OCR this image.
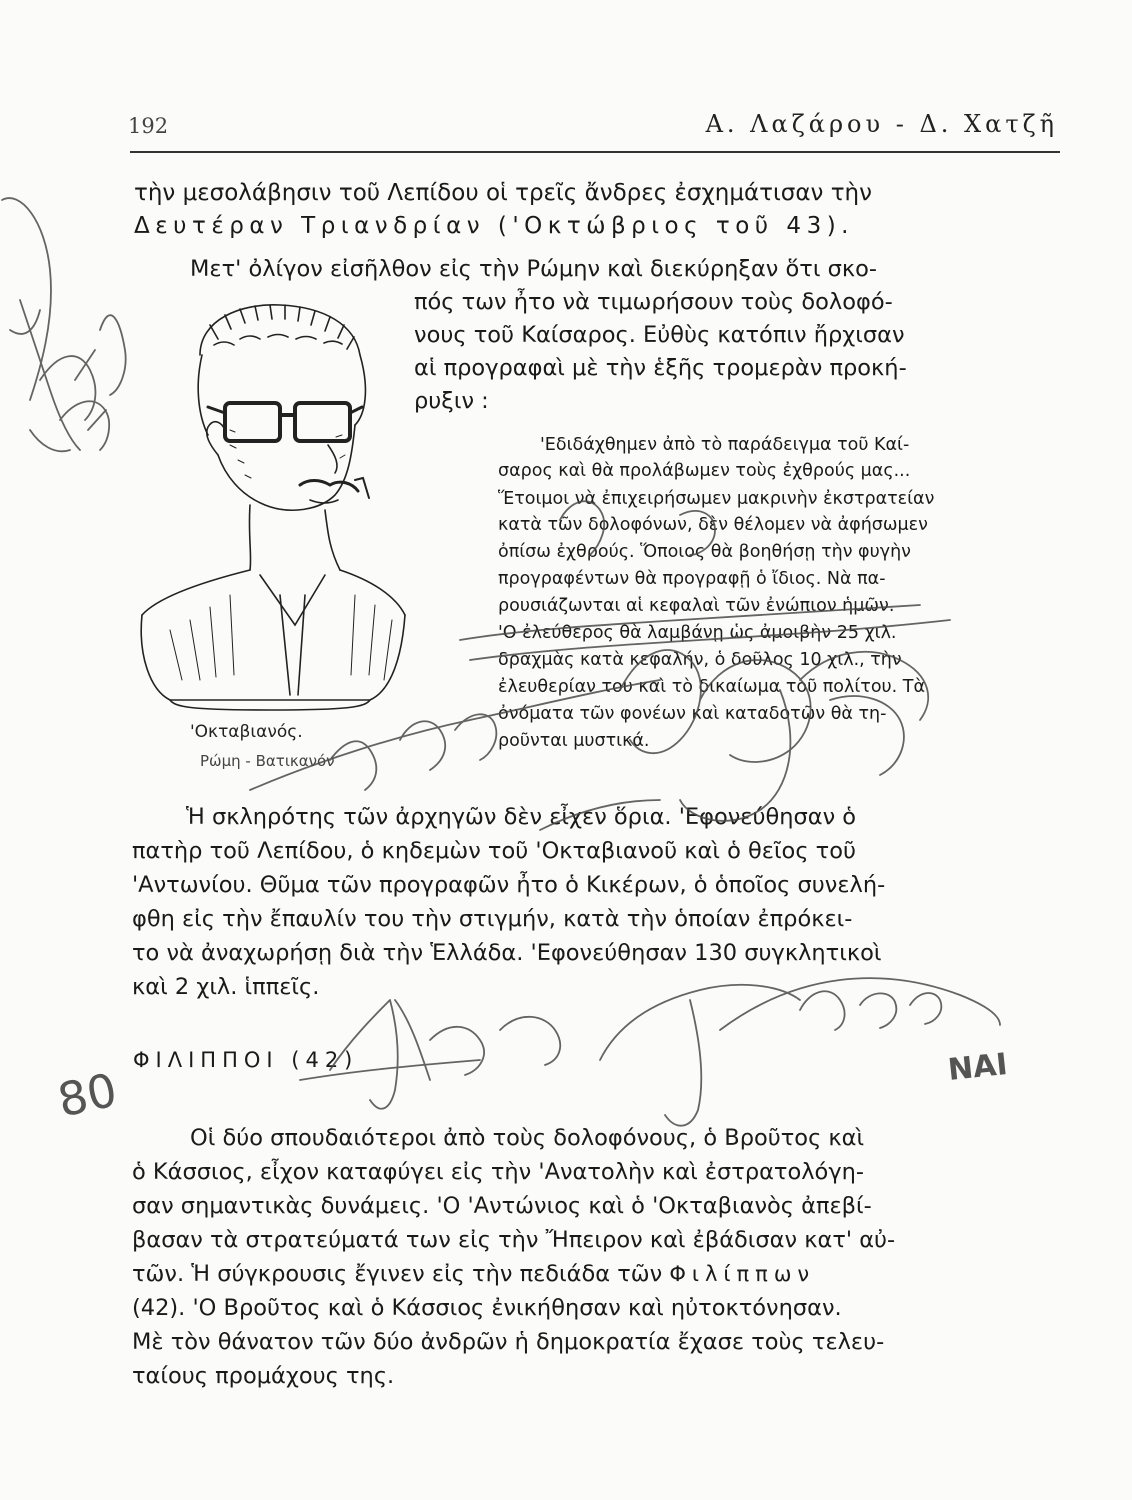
192	Α. Λαζάρου - Δ. Χατζῆ
τὴν μεσολάβησιν τοῦ Λεπίδου οἱ τρεῖς ἄνδρες ἐσχημάτισαν τὴν
Δευτέραν Τριανδρίαν ('Οκτώβριος τοῦ 43).
Μετ' ὀλίγον εἰσῆλθον εἰς τὴν Ρώμην καὶ διεκύρηξαν ὅτι σκο-
πός των ἦτο νὰ τιμωρήσουν τοὺς δολοφό-
νους τοῦ Καίσαρος. Εὐθὺς κατόπιν ἤρχισαν
αἱ προγραφαὶ μὲ τὴν ἑξῆς τρομερὰν προκή-
ρυξιν :
'Οκταβιανός.
Ρώμη - Βατικανόν
'Εδιδάχθημεν ἀπὸ τὸ παράδειγμα τοῦ Καί-
σαρος καὶ θὰ προλάβωμεν τοὺς ἐχθρούς μας...
Ἕτοιμοι νὰ ἐπιχειρήσωμεν μακρινὴν ἐκστρατείαν
κατὰ τῶν δολοφόνων, δὲν θέλομεν νὰ ἀφήσωμεν
ὀπίσω ἐχθρούς. Ὅποιος θὰ βοηθήσῃ τὴν φυγὴν
προγραφέντων θὰ προγραφῇ ὁ ἴδιος. Νὰ πα-
ρουσιάζωνται αἱ κεφαλαὶ τῶν ἐνώπιον ἡμῶν.
'Ο ἐλεύθερος θὰ λαμβάνῃ ὡς ἀμοιβὴν 25 χιλ.
δραχμὰς κατὰ κεφαλήν, ὁ δοῦλος 10 χιλ., τὴν
ἐλευθερίαν του καὶ τὸ δικαίωμα τοῦ πολίτου. Τὰ
ὀνόματα τῶν φονέων καὶ καταδοτῶν θὰ τη-
ροῦνται μυστικά.
Ἡ σκληρότης τῶν ἀρχηγῶν δὲν εἶχεν ὅρια. 'Εφονεύθησαν ὁ
πατὴρ τοῦ Λεπίδου, ὁ κηδεμὼν τοῦ 'Οκταβιανοῦ καὶ ὁ θεῖος τοῦ
'Αντωνίου. Θῦμα τῶν προγραφῶν ἦτο ὁ Κικέρων, ὁ ὁποῖος συνελή-
φθη εἰς τὴν ἔπαυλίν του τὴν στιγμήν, κατὰ τὴν ὁποίαν ἐπρόκει-
το νὰ ἀναχωρήσῃ διὰ τὴν Ἑλλάδα. 'Εφονεύθησαν 130 συγκλητικοὶ
καὶ 2 χιλ. ἱππεῖς.
ΦΙΛΙΠΠΟΙ (42)
Οἱ δύο σπουδαιότεροι ἀπὸ τοὺς δολοφόνους, ὁ Βροῦτος καὶ
ὁ Κάσσιος, εἶχον καταφύγει εἰς τὴν 'Ανατολὴν καὶ ἐστρατολόγη-
σαν σημαντικὰς δυνάμεις. 'Ο 'Αντώνιος καὶ ὁ 'Οκταβιανὸς ἀπεβί-
βασαν τὰ στρατεύματά των εἰς τὴν Ἤπειρον καὶ ἐβάδισαν κατ' αὐ-
τῶν. Ἡ σύγκρουσις ἔγινεν εἰς τὴν πεδιάδα τῶν Φιλίππων
(42). 'Ο Βροῦτος καὶ ὁ Κάσσιος ἐνικήθησαν καὶ ηὐτοκτόνησαν.
Μὲ τὸν θάνατον τῶν δύο ἀνδρῶν ἡ δημοκρατία ἔχασε τοὺς τελευ-
ταίους προμάχους της.
80	ΝΑΙ
